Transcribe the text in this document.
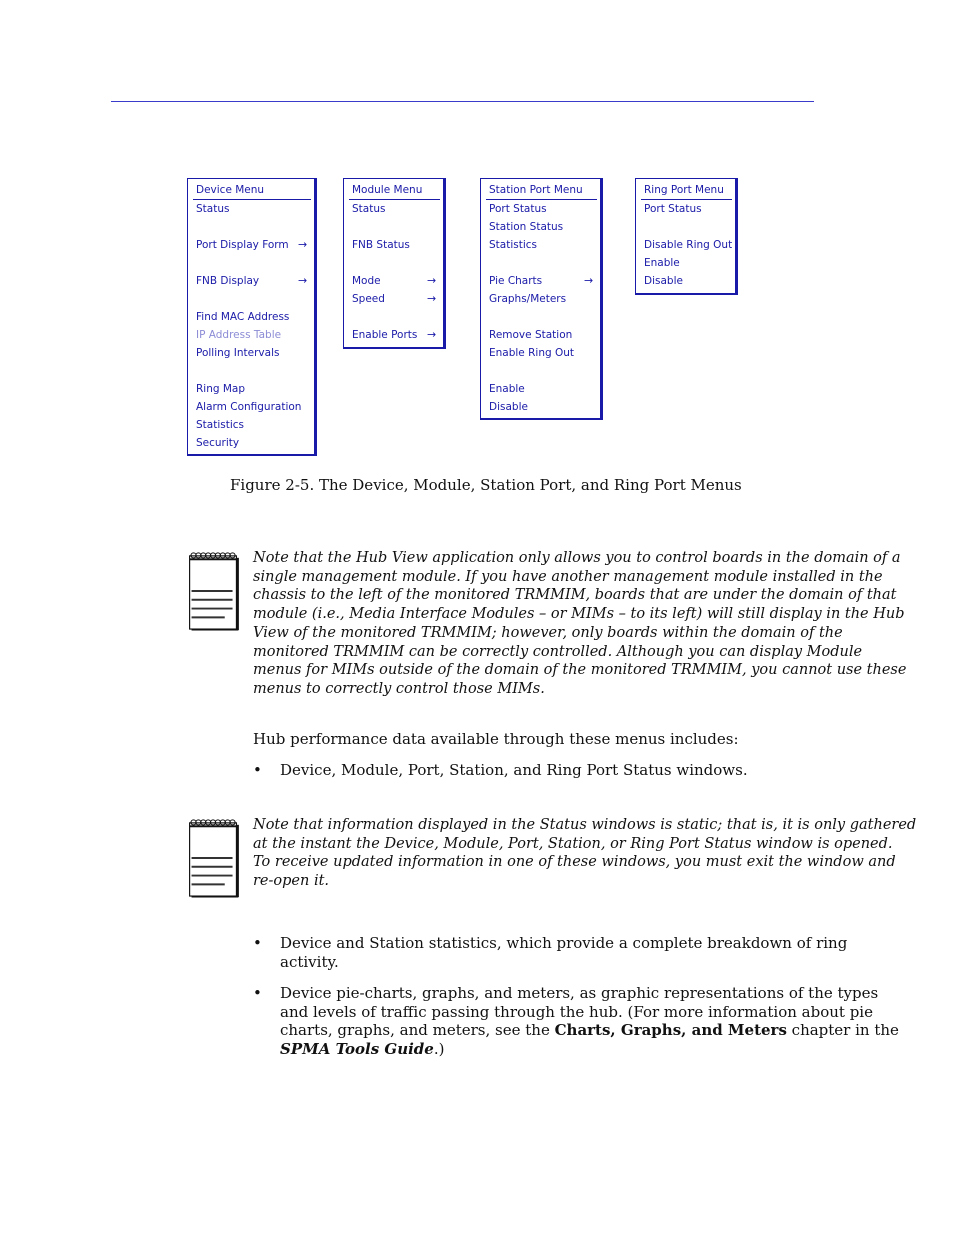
Device Menu
Status
Port Display Form →
FNB Display	→
Find MAC Address
IP Address Table
Polling Intervals
Ring Map
Alarm Configuration
Statistics
Security
Module Menu
Status
FNB Status
Mode	→
Speed	→
Enable Ports →
Station Port Menu
Port Status
Station Status
Statistics
Pie Charts	→
Graphs/Meters
Remove Station
Enable Ring Out
Enable
Disable
Ring Port Menu
Port Status
Disable Ring Out
Enable
Disable
Figure 2-5. The Device, Module, Station Port, and Ring Port Menus

Note that the Hub View application only allows you to control boards in the domain of a

single management module. If you have another management module installed in the

chassis to the left of the monitored TRMMIM, boards that are under the domain of that

module (i.e., Media Interface Modules – or MIMs – to its left) will still display in the Hub

View of the monitored TRMMIM; however, only boards within the domain of the

monitored TRMMIM can be correctly controlled. Although you can display Module

menus for MIMs outside of the domain of the monitored TRMMIM, you cannot use these

menus to correctly control those MIMs.

Hub performance data available through these menus includes:
• Device, Module, Port, Station, and Ring Port Status windows.

Note that information displayed in the Status windows is static; that is, it is only gathered

at the instant the Device, Module, Port, Station, or Ring Port Status window is opened.

To receive updated information in one of these windows, you must exit the window and

re-open it.

• Device and Station statistics, which provide a complete breakdown of ring

activity.

• Device pie-charts, graphs, and meters, as graphic representations of the types

and levels of traffic passing through the hub. (For more information about pie

charts, graphs, and meters, see the Charts, Graphs, and Meters chapter in the

SPMA Tools Guide.)
